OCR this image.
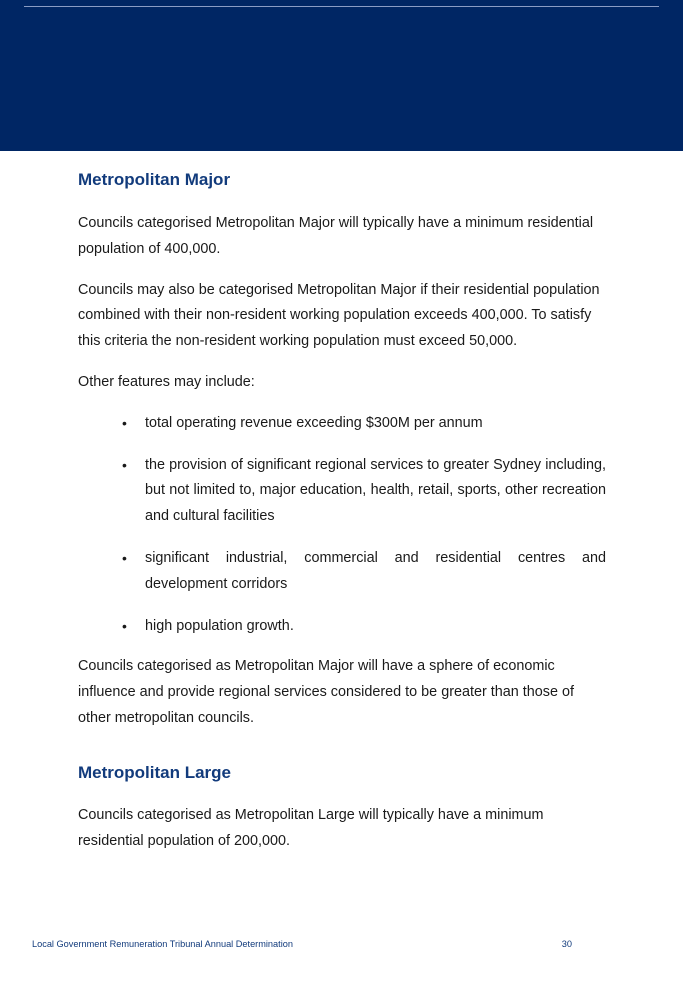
Metropolitan Major

Councils categorised Metropolitan Major will typically have a minimum residential population of 400,000.

Councils may also be categorised Metropolitan Major if their residential population combined with their non-resident working population exceeds 400,000. To satisfy this criteria the non-resident working population must exceed 50,000.

Other features may include:

• total operating revenue exceeding $300M per annum
• the provision of significant regional services to greater Sydney including, but not limited to, major education, health, retail, sports, other recreation and cultural facilities
• significant industrial, commercial and residential centres and development corridors
• high population growth.

Councils categorised as Metropolitan Major will have a sphere of economic influence and provide regional services considered to be greater than those of other metropolitan councils.

Metropolitan Large

Councils categorised as Metropolitan Large will typically have a minimum residential population of 200,000.

Local Government Remuneration Tribunal Annual Determination	30
